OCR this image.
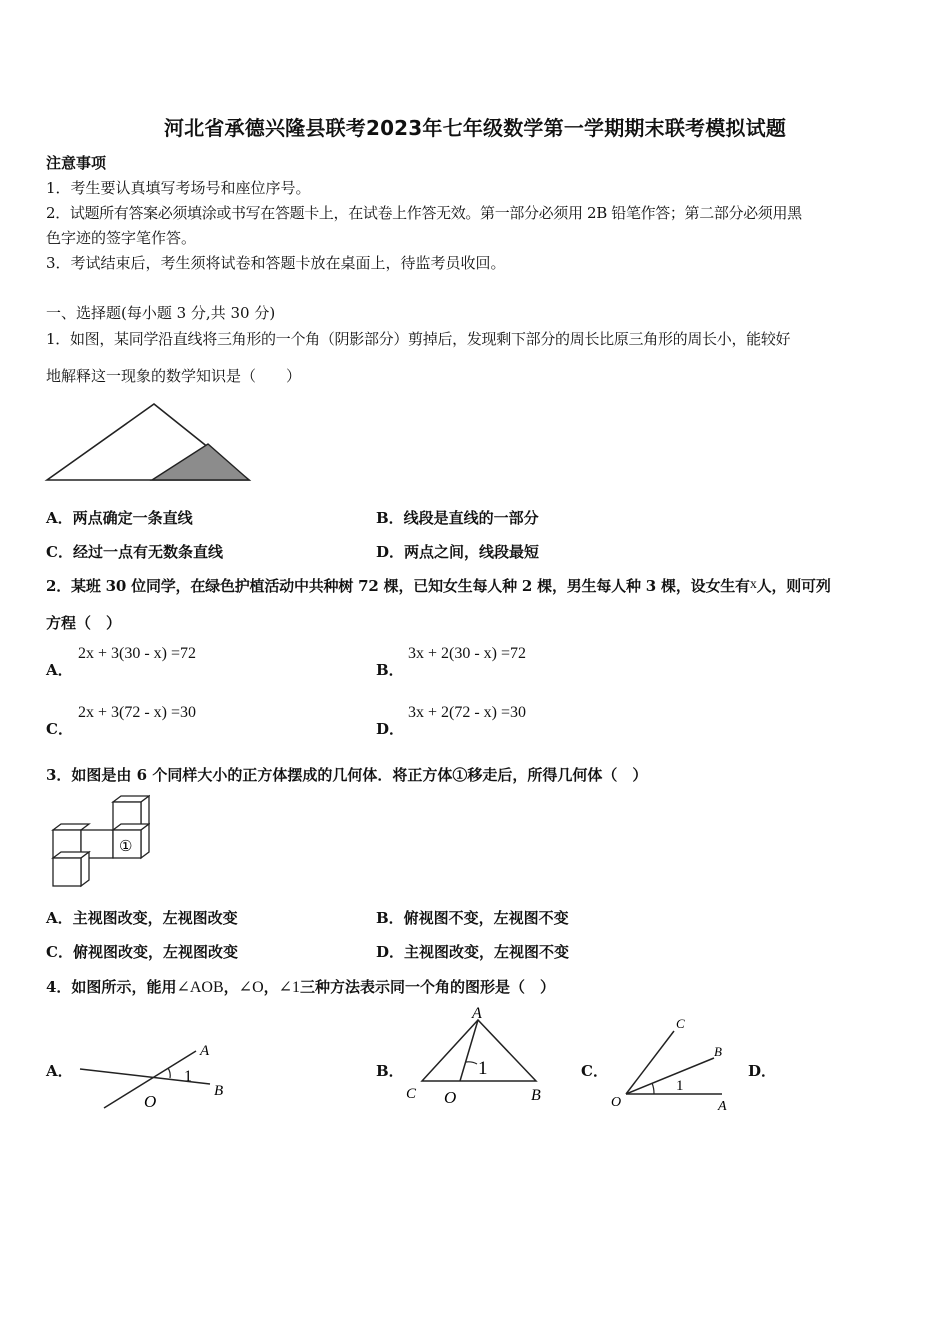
河北省承德兴隆县联考2023年七年级数学第一学期期末联考模拟试题
注意事项
1．考生要认真填写考场号和座位序号。
2．试题所有答案必须填涂或书写在答题卡上，在试卷上作答无效。第一部分必须用 2B 铅笔作答；第二部分必须用黑
色字迹的签字笔作答。
3．考试结束后，考生须将试卷和答题卡放在桌面上，待监考员收回。
一、选择题(每小题 3 分,共 30 分)
1．如图，某同学沿直线将三角形的一个角（阴影部分）剪掉后，发现剩下部分的周长比原三角形的周长小，能较好
地解释这一现象的数学知识是（　　）
A．两点确定一条直线	B．线段是直线的一部分
C．经过一点有无数条直线	D．两点之间，线段最短
2．某班 30 位同学，在绿色护植活动中共种树 72 棵，已知女生每人种 2 棵，男生每人种 3 棵，设女生有x人，则可列
方程（　）
A．
2x + 3(30 - x) =72
B．
3x + 2(30 - x) =72
C．
2x + 3(72 - x) =30
D．
3x + 2(72 - x) =30
3．如图是由 6 个同样大小的正方体摆成的几何体．将正方体①移走后，所得几何体（　）
①
A．主视图改变，左视图改变	B．俯视图不变，左视图不变
C．俯视图改变，左视图改变	D．主视图改变，左视图不变
4．如图所示，能用∠AOB，∠O，∠1三种方法表示同一个角的图形是（　）
A．
A
B
O
1	B．
A
C O	B
1	C．
C
B
O	A
1
D．
